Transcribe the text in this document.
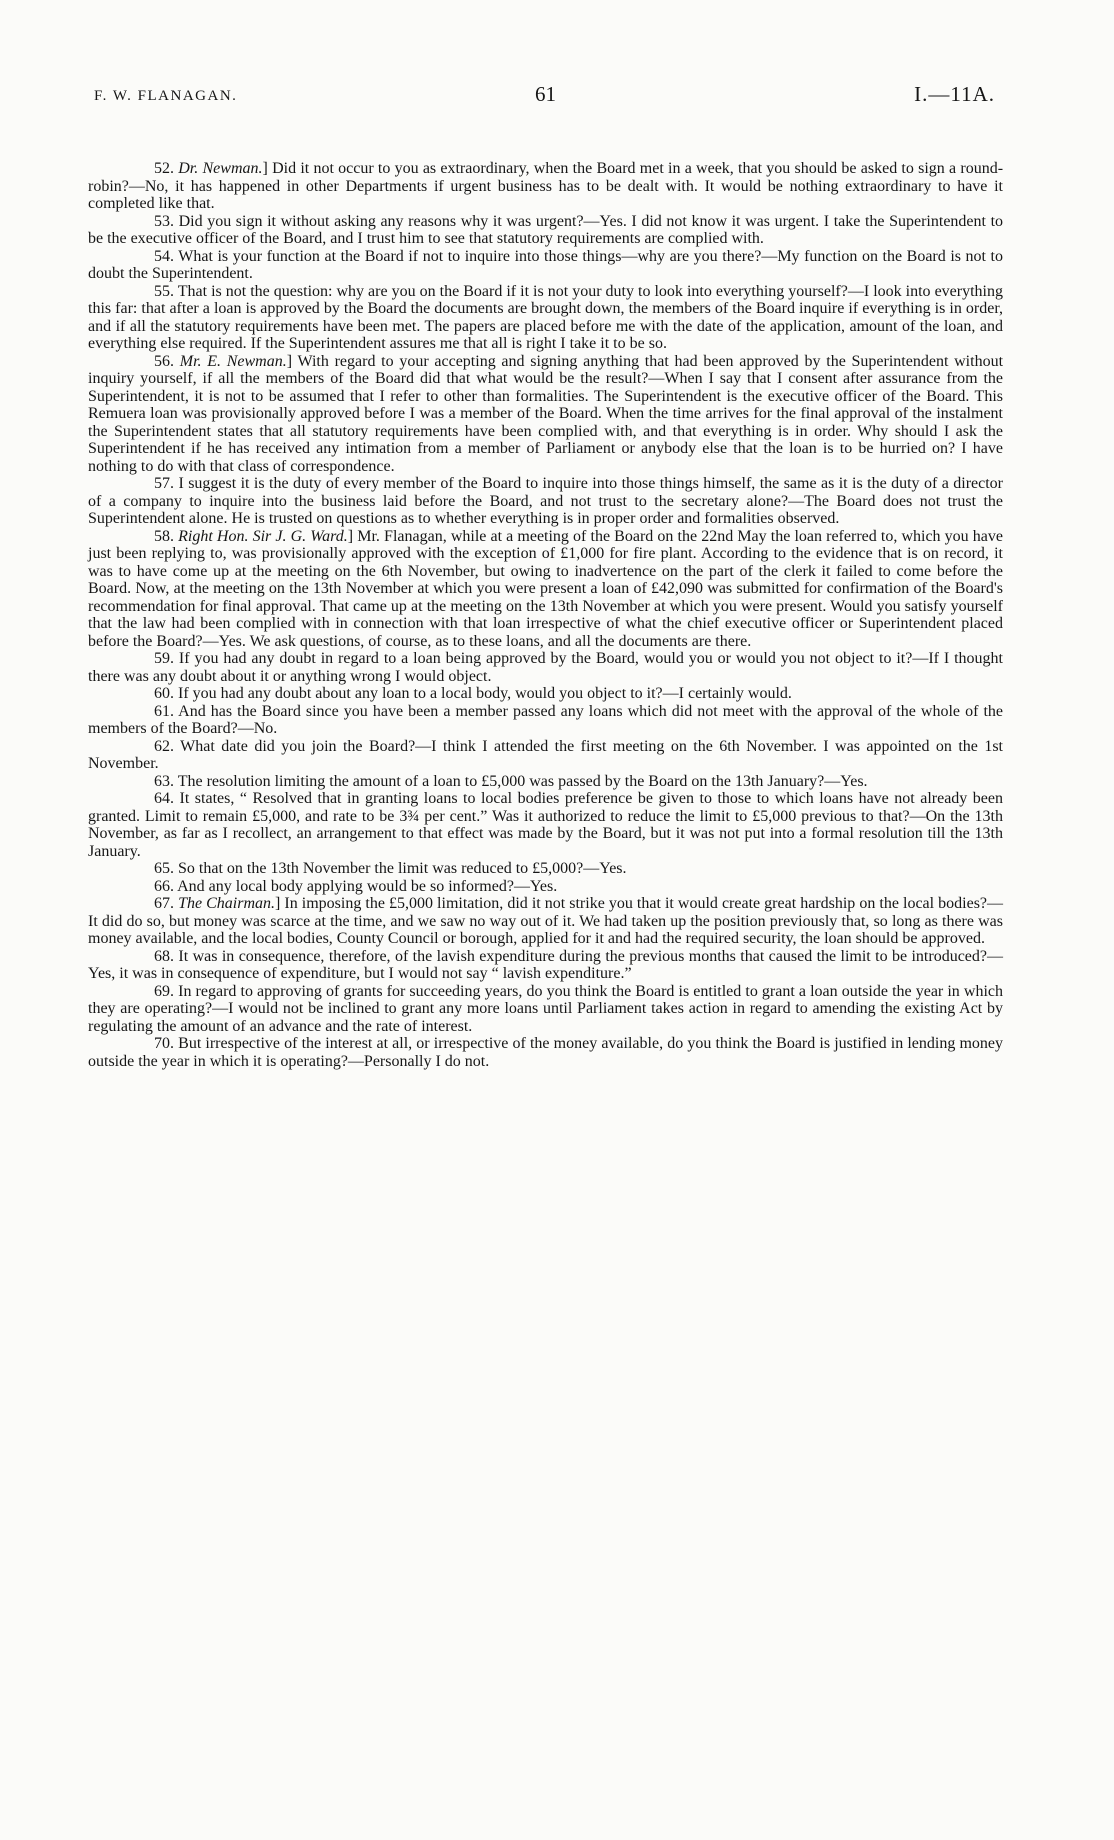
F. W. FLANAGAN.	61	I.—11A.

52. Dr. Newman.] Did it not occur to you as extraordinary, when the Board met in a week, that you should be asked to sign a round-robin?—No, it has happened in other Departments if urgent business has to be dealt with. It would be nothing extraordinary to have it completed like that.

53. Did you sign it without asking any reasons why it was urgent?—Yes. I did not know it was urgent. I take the Superintendent to be the executive officer of the Board, and I trust him to see that statutory requirements are complied with.

54. What is your function at the Board if not to inquire into those things—why are you there?—My function on the Board is not to doubt the Superintendent.

55. That is not the question: why are you on the Board if it is not your duty to look into everything yourself?—I look into everything this far: that after a loan is approved by the Board the documents are brought down, the members of the Board inquire if everything is in order, and if all the statutory requirements have been met. The papers are placed before me with the date of the application, amount of the loan, and everything else required. If the Superintendent assures me that all is right I take it to be so.

56. Mr. E. Newman.] With regard to your accepting and signing anything that had been approved by the Superintendent without inquiry yourself, if all the members of the Board did that what would be the result?—When I say that I consent after assurance from the Superintendent, it is not to be assumed that I refer to other than formalities. The Superintendent is the executive officer of the Board. This Remuera loan was provisionally approved before I was a member of the Board. When the time arrives for the final approval of the instalment the Superintendent states that all statutory requirements have been complied with, and that everything is in order. Why should I ask the Superintendent if he has received any intimation from a member of Parliament or anybody else that the loan is to be hurried on? I have nothing to do with that class of correspondence.

57. I suggest it is the duty of every member of the Board to inquire into those things himself, the same as it is the duty of a director of a company to inquire into the business laid before the Board, and not trust to the secretary alone?—The Board does not trust the Superintendent alone. He is trusted on questions as to whether everything is in proper order and formalities observed.

58. Right Hon. Sir J. G. Ward.] Mr. Flanagan, while at a meeting of the Board on the 22nd May the loan referred to, which you have just been replying to, was provisionally approved with the exception of £1,000 for fire plant. According to the evidence that is on record, it was to have come up at the meeting on the 6th November, but owing to inadvertence on the part of the clerk it failed to come before the Board. Now, at the meeting on the 13th November at which you were present a loan of £42,090 was submitted for confirmation of the Board's recommendation for final approval. That came up at the meeting on the 13th November at which you were present. Would you satisfy yourself that the law had been complied with in connection with that loan irrespective of what the chief executive officer or Superintendent placed before the Board?—Yes. We ask questions, of course, as to these loans, and all the documents are there.

59. If you had any doubt in regard to a loan being approved by the Board, would you or would you not object to it?—If I thought there was any doubt about it or anything wrong I would object.

60. If you had any doubt about any loan to a local body, would you object to it?—I certainly would.

61. And has the Board since you have been a member passed any loans which did not meet with the approval of the whole of the members of the Board?—No.

62. What date did you join the Board?—I think I attended the first meeting on the 6th November. I was appointed on the 1st November.

63. The resolution limiting the amount of a loan to £5,000 was passed by the Board on the 13th January?—Yes.

64. It states, “ Resolved that in granting loans to local bodies preference be given to those to which loans have not already been granted. Limit to remain £5,000, and rate to be 3¾ per cent.” Was it authorized to reduce the limit to £5,000 previous to that?—On the 13th November, as far as I recollect, an arrangement to that effect was made by the Board, but it was not put into a formal resolution till the 13th January.

65. So that on the 13th November the limit was reduced to £5,000?—Yes.

66. And any local body applying would be so informed?—Yes.

67. The Chairman.] In imposing the £5,000 limitation, did it not strike you that it would create great hardship on the local bodies?—It did do so, but money was scarce at the time, and we saw no way out of it. We had taken up the position previously that, so long as there was money available, and the local bodies, County Council or borough, applied for it and had the required security, the loan should be approved.

68. It was in consequence, therefore, of the lavish expenditure during the previous months that caused the limit to be introduced?—Yes, it was in consequence of expenditure, but I would not say “ lavish expenditure.”

69. In regard to approving of grants for succeeding years, do you think the Board is entitled to grant a loan outside the year in which they are operating?—I would not be inclined to grant any more loans until Parliament takes action in regard to amending the existing Act by regulating the amount of an advance and the rate of interest.

70. But irrespective of the interest at all, or irrespective of the money available, do you think the Board is justified in lending money outside the year in which it is operating?—Personally I do not.
